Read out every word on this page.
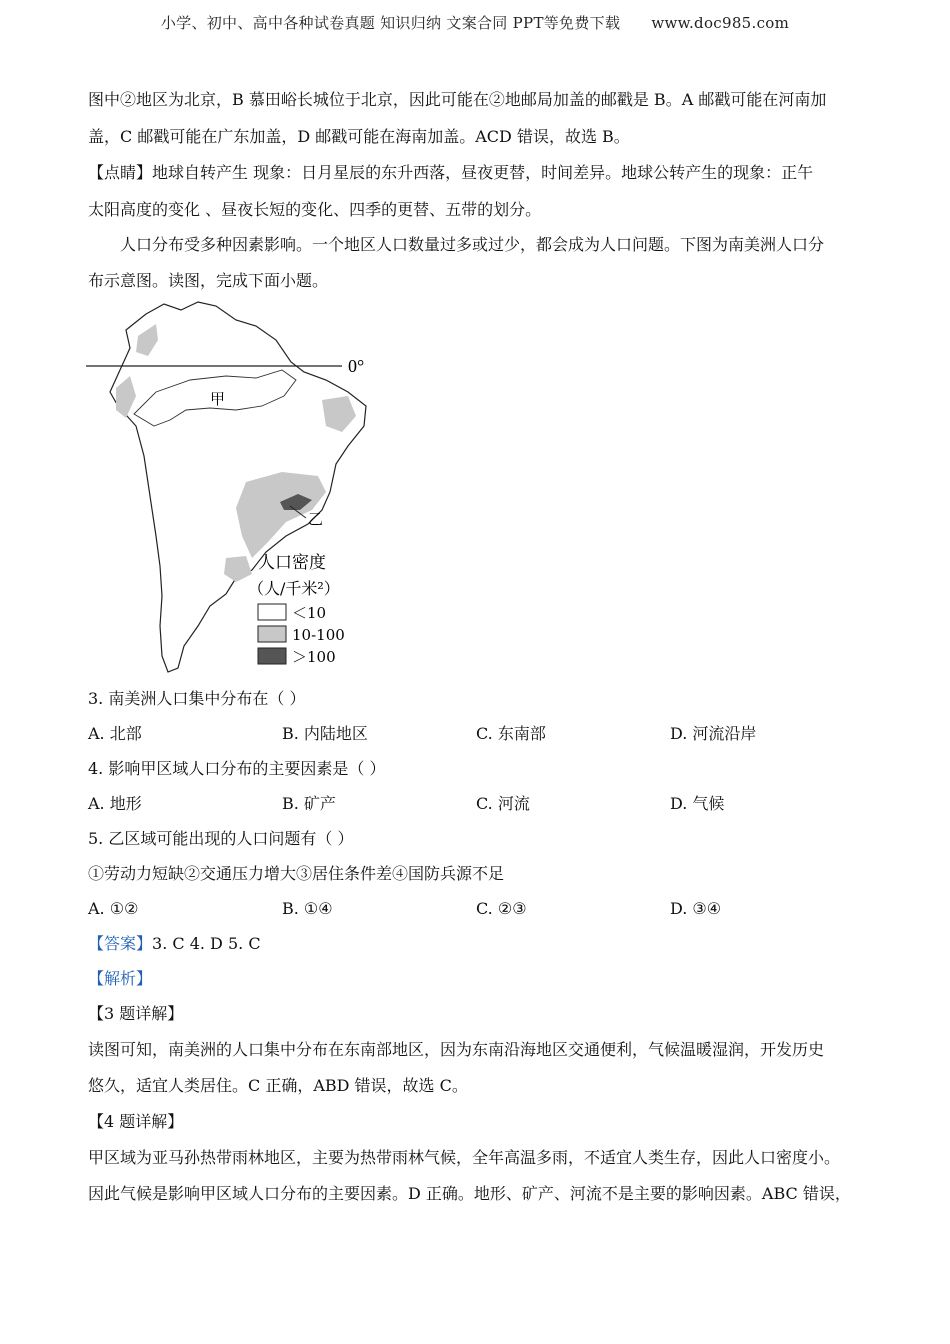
小学、初中、高中各种试卷真题 知识归纳 文案合同 PPT等免费下载 www.doc985.com
图中②地区为北京，B 慕田峪长城位于北京，因此可能在②地邮局加盖的邮戳是 B。A 邮戳可能在河南加
盖，C 邮戳可能在广东加盖，D 邮戳可能在海南加盖。ACD 错误，故选 B。
【点睛】地球自转产生 现象：日月星辰的东升西落，昼夜更替，时间差异。地球公转产生的现象：正午
太阳高度的变化 、昼夜长短的变化、四季的更替、五带的划分。
人口分布受多种因素影响。一个地区人口数量过多或过少，都会成为人口问题。下图为南美洲人口分
布示意图。读图，完成下面小题。
0°
甲
乙
人口密度
（人/千米²）
＜10
10-100
＞100
3. 南美洲人口集中分布在（ ）
A. 北部	B. 内陆地区	C. 东南部	D. 河流沿岸
4. 影响甲区域人口分布的主要因素是（ ）
A. 地形	B. 矿产	C. 河流	D. 气候
5. 乙区域可能出现的人口问题有（ ）
①劳动力短缺②交通压力增大③居住条件差④国防兵源不足
A. ①②	B. ①④	C. ②③	D. ③④
【答案】3. C 4. D 5. C
【解析】
【3 题详解】
读图可知，南美洲的人口集中分布在东南部地区，因为东南沿海地区交通便利，气候温暖湿润，开发历史
悠久，适宜人类居住。C 正确，ABD 错误，故选 C。
【4 题详解】
甲区域为亚马孙热带雨林地区，主要为热带雨林气候，全年高温多雨，不适宜人类生存，因此人口密度小。
因此气候是影响甲区域人口分布的主要因素。D 正确。地形、矿产、河流不是主要的影响因素。ABC 错误，
